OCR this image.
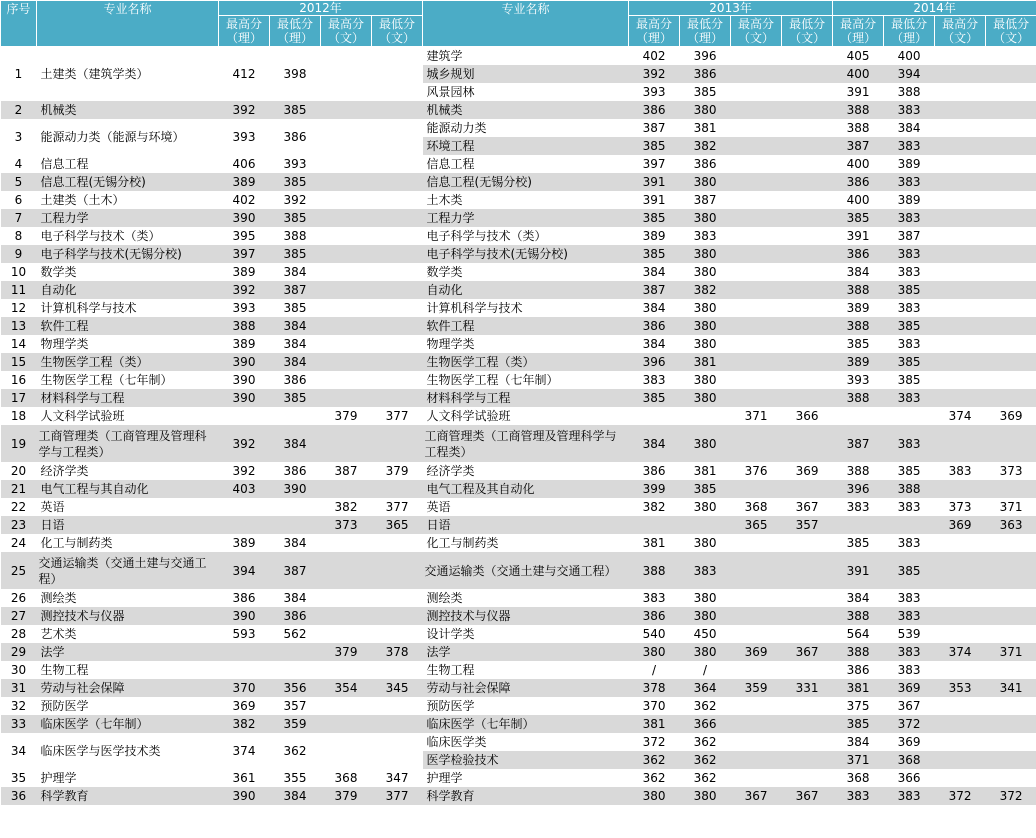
序号	专业名称	2012年				专业名称	2013年				2014年			
		最高分（理）	最低分（理）	最高分（文）	最低分（文）		最高分（理）	最低分（理）	最高分（文）	最低分（文）	最高分（理）	最低分（理）	最高分（文）	最低分（文）
1	土建类（建筑学类）	412	398			建筑学	402	396			405	400		
						城乡规划	392	386			400	394		
						风景园林	393	385			391	388		
2	机械类	392	385			机械类	386	380			388	383		
3	能源动力类（能源与环境）	393	386			能源动力类	387	381			388	384		
						环境工程	385	382			387	383		
4	信息工程	406	393			信息工程	397	386			400	389		
5	信息工程(无锡分校)	389	385			信息工程(无锡分校)	391	380			386	383		
6	土建类（土木）	402	392			土木类	391	387			400	389		
7	工程力学	390	385			工程力学	385	380			385	383		
8	电子科学与技术（类）	395	388			电子科学与技术（类）	389	383			391	387		
9	电子科学与技术(无锡分校)	397	385			电子科学与技术(无锡分校)	385	380			386	383		
10	数学类	389	384			数学类	384	380			384	383		
11	自动化	392	387			自动化	387	382			388	385		
12	计算机科学与技术	393	385			计算机科学与技术	384	380			389	383		
13	软件工程	388	384			软件工程	386	380			388	385		
14	物理学类	389	384			物理学类	384	380			385	383		
15	生物医学工程（类）	390	384			生物医学工程（类）	396	381			389	385		
16	生物医学工程（七年制）	390	386			生物医学工程（七年制）	383	380			393	385		
17	材料科学与工程	390	385			材料科学与工程	385	380			388	383		
18	人文科学试验班			379	377	人文科学试验班			371	366			374	369
19	工商管理类（工商管理及管理科学与工程类）	392	384			工商管理类（工商管理及管理科学与工程类）	384	380			387	383		
20	经济学类	392	386	387	379	经济学类	386	381	376	369	388	385	383	373
21	电气工程与其自动化	403	390			电气工程及其自动化	399	385			396	388		
22	英语			382	377	英语	382	380	368	367	383	383	373	371
23	日语			373	365	日语			365	357			369	363
24	化工与制药类	389	384			化工与制药类	381	380			385	383		
25	交通运输类（交通土建与交通工程）	394	387			交通运输类（交通土建与交通工程）	388	383			391	385		
26	测绘类	386	384			测绘类	383	380			384	383		
27	测控技术与仪器	390	386			测控技术与仪器	386	380			388	383		
28	艺术类	593	562			设计学类	540	450			564	539		
29	法学			379	378	法学	380	380	369	367	388	383	374	371
30	生物工程					生物工程	/	/			386	383		
31	劳动与社会保障	370	356	354	345	劳动与社会保障	378	364	359	331	381	369	353	341
32	预防医学	369	357			预防医学	370	362			375	367		
33	临床医学（七年制）	382	359			临床医学（七年制）	381	366			385	372		
34	临床医学与医学技术类	374	362			临床医学类	372	362			384	369		
						医学检验技术	362	362			371	368		
35	护理学	361	355	368	347	护理学	362	362			368	366		
36	科学教育	390	384	379	377	科学教育	380	380	367	367	383	383	372	372
